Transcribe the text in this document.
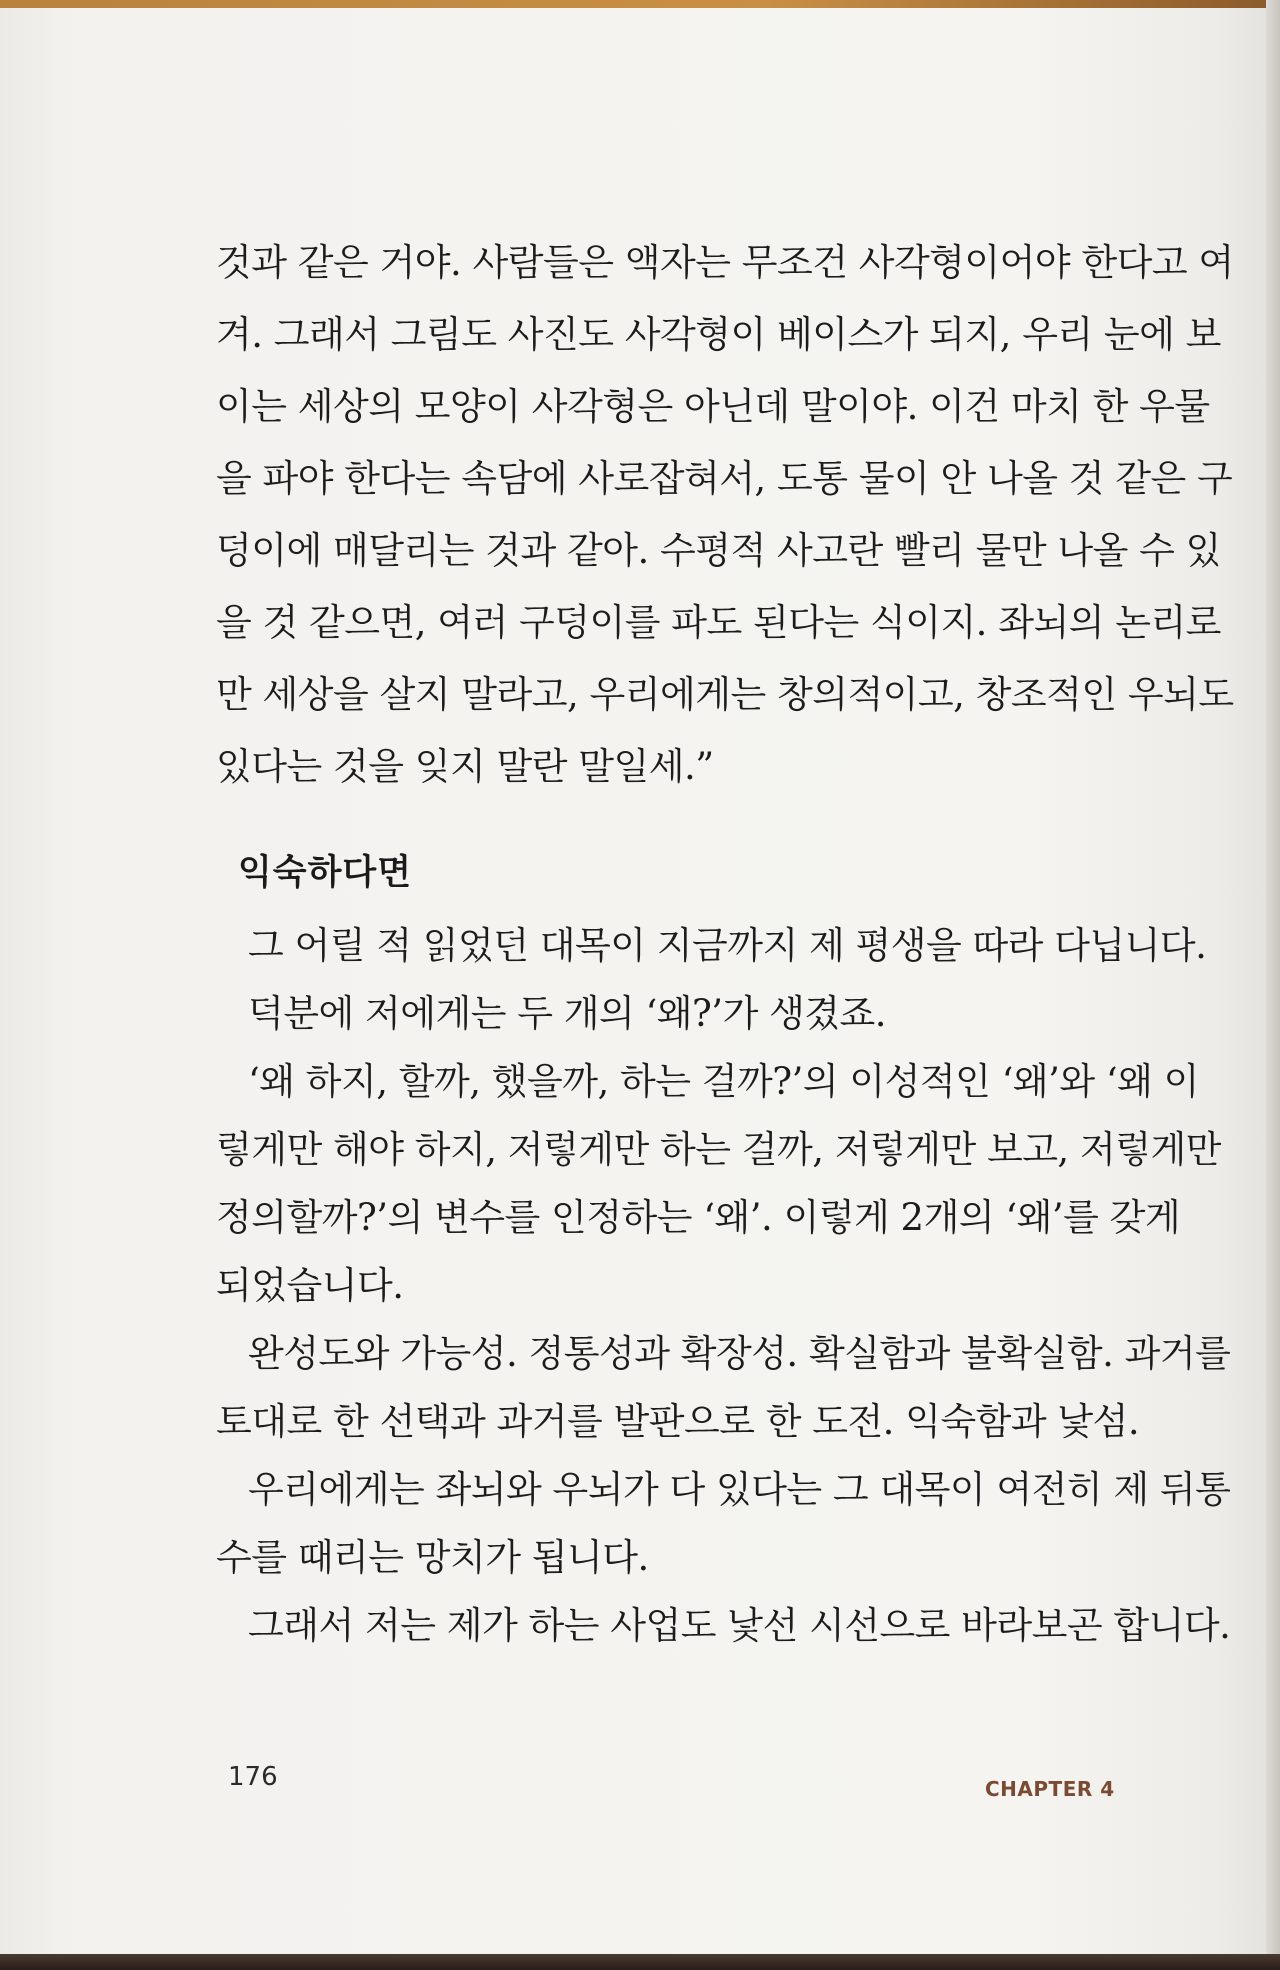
것과 같은 거야. 사람들은 액자는 무조건 사각형이어야 한다고 여
겨. 그래서 그림도 사진도 사각형이 베이스가 되지, 우리 눈에 보
이는 세상의 모양이 사각형은 아닌데 말이야. 이건 마치 한 우물
을 파야 한다는 속담에 사로잡혀서, 도통 물이 안 나올 것 같은 구
덩이에 매달리는 것과 같아. 수평적 사고란 빨리 물만 나올 수 있
을 것 같으면, 여러 구덩이를 파도 된다는 식이지. 좌뇌의 논리로
만 세상을 살지 말라고, 우리에게는 창의적이고, 창조적인 우뇌도
있다는 것을 잊지 말란 말일세.”
익숙하다면
그 어릴 적 읽었던 대목이 지금까지 제 평생을 따라 다닙니다.
덕분에 저에게는 두 개의 ‘왜?’가 생겼죠.
‘왜 하지, 할까, 했을까, 하는 걸까?’의 이성적인 ‘왜’와 ‘왜 이
렇게만 해야 하지, 저렇게만 하는 걸까, 저렇게만 보고, 저렇게만
정의할까?’의 변수를 인정하는 ‘왜’. 이렇게 2개의 ‘왜’를 갖게
되었습니다.
완성도와 가능성. 정통성과 확장성. 확실함과 불확실함. 과거를
토대로 한 선택과 과거를 발판으로 한 도전. 익숙함과 낯섬.
우리에게는 좌뇌와 우뇌가 다 있다는 그 대목이 여전히 제 뒤통
수를 때리는 망치가 됩니다.
그래서 저는 제가 하는 사업도 낯선 시선으로 바라보곤 합니다.
176	CHAPTER 4
